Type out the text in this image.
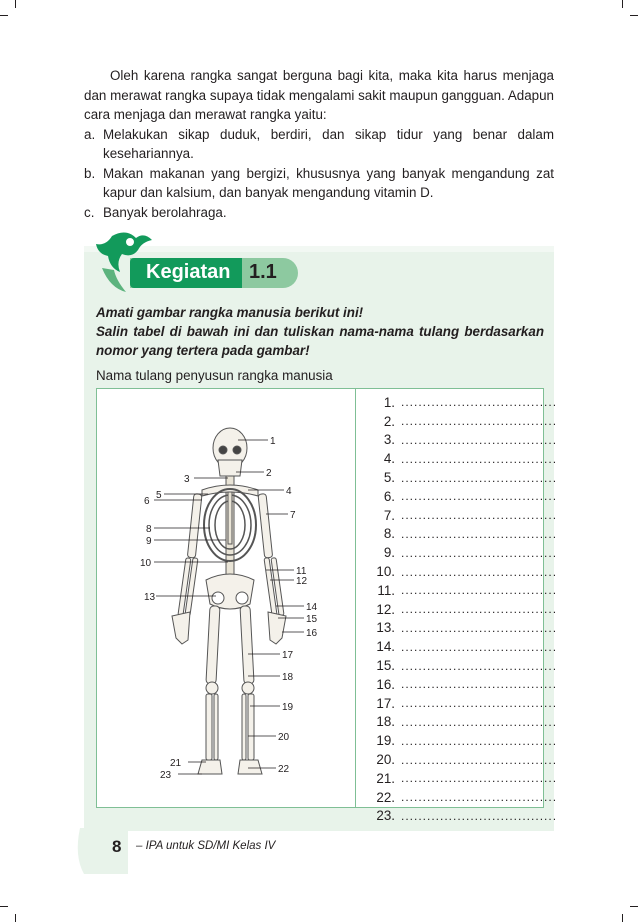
Oleh karena rangka sangat berguna bagi kita, maka kita harus menjaga dan merawat rangka supaya tidak mengalami sakit maupun gangguan. Adapun cara menjaga dan merawat rangka yaitu:

a. Melakukan sikap duduk, berdiri, dan sikap tidur yang benar dalam kesehariannya.
b. Makan makanan yang bergizi, khususnya yang banyak mengandung zat kapur dan kalsium, dan banyak mengandung vitamin D.
c. Banyak berolahraga.
Kegiatan 1.1
Amati gambar rangka manusia berikut ini!
Salin tabel di bawah ini dan tuliskan nama-nama tulang berdasarkan nomor yang tertera pada gambar!
Nama tulang penyusun rangka manusia
1
2
3
4
5
6
7
8
9
10
11
12
13
14
15
16
17
18
19
20
21
22
23
1. ....................................
2. ....................................
3. ....................................
4. ....................................
5. ....................................
6. ....................................
7. ....................................
8. ....................................
9. ....................................
10. ....................................
11. ....................................
12. ....................................
13. ....................................
14. ....................................
15. ....................................
16. ....................................
17. ....................................
18. ....................................
19. ....................................
20. ....................................
21. ....................................
22. ....................................
23. ....................................
8 – IPA untuk SD/MI Kelas IV
